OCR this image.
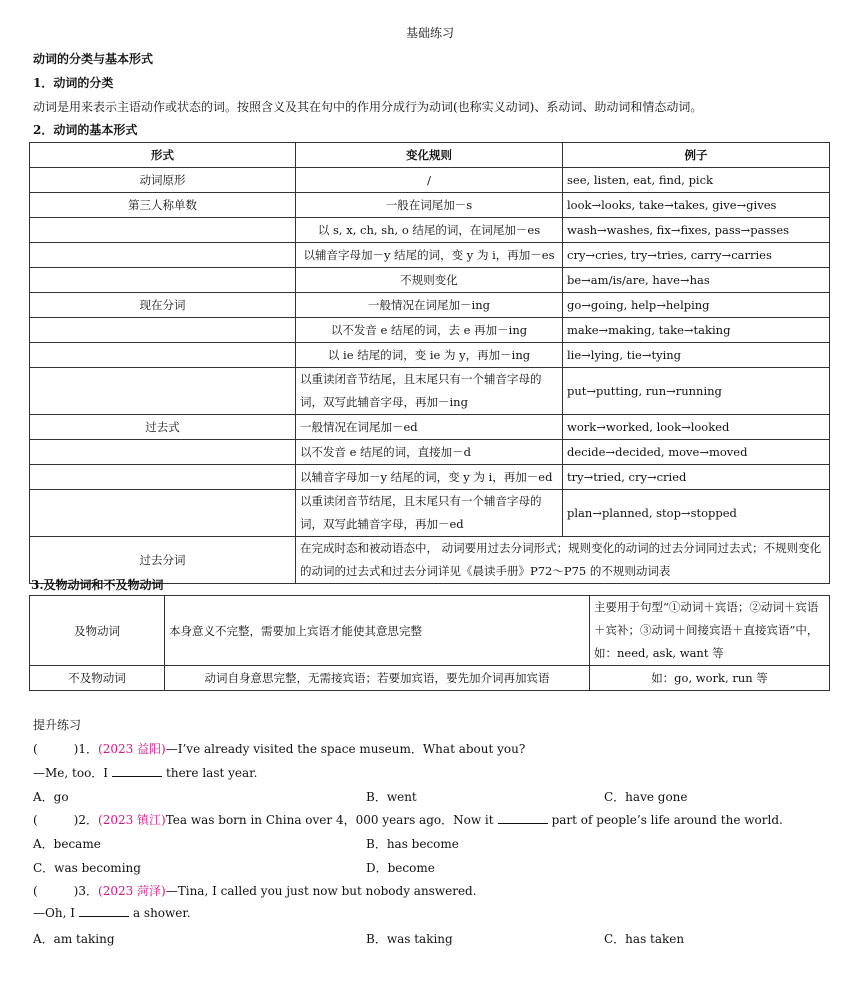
基础练习
动词的分类与基本形式
1．动词的分类
动词是用来表示主语动作或状态的词。按照含义及其在句中的作用分成行为动词(也称实义动词)、系动词、助动词和情态动词。
2．动词的基本形式
形式	变化规则	例子
动词原形	/	see, listen, eat, find, pick
第三人称单数	一般在词尾加－s	look→looks, take→takes, give→gives
	以 s, x, ch, sh, o 结尾的词，在词尾加－es	wash→washes, fix→fixes, pass→passes
	以辅音字母加－y 结尾的词，变 y 为 i，再加－es	cry→cries, try→tries, carry→carries
	不规则变化	be→am/is/are, have→has
现在分词	一般情况在词尾加－ing	go→going, help→helping
	以不发音 e 结尾的词，去 e 再加－ing	make→making, take→taking
	以 ie 结尾的词，变 ie 为 y，再加－ing	lie→lying, tie→tying
	以重读闭音节结尾，且末尾只有一个辅音字母的词，双写此辅音字母，再加－ing	put→putting, run→running
过去式	一般情况在词尾加－ed	work→worked, look→looked
	以不发音 e 结尾的词，直接加－d	decide→decided, move→moved
	以辅音字母加－y 结尾的词，变 y 为 i，再加－ed	try→tried, cry→cried
	以重读闭音节结尾，且末尾只有一个辅音字母的词，双写此辅音字母，再加－ed	plan→planned, stop→stopped
过去分词	在完成时态和被动语态中， 动词要用过去分词形式；规则变化的动词的过去分词同过去式；不规则变化的动词的过去式和过去分词详见《晨读手册》P72～P75 的不规则动词表	
3.及物动词和不及物动词
及物动词	本身意义不完整，需要加上宾语才能使其意思完整	主要用于句型“①动词＋宾语；②动词＋宾语＋宾补；③动词＋间接宾语＋直接宾语”中，如：need, ask, want 等
不及物动词	动词自身意思完整，无需接宾语；若要加宾语，要先加介词再加宾语	如：go, work, run 等
提升练习
(　　　)1．(2023 益阳)—I’ve already visited the space museum．What about you?
—Me, too．I	there last year.
A．go	B．went	C．have gone
(　　　)2．(2023 镇江)Tea was born in China over 4，000 years ago．Now it	part of people’s life around the world.
A．became	B．has become
C．was becoming	D．become
(　　　)3．(2023 菏泽)—Tina, I called you just now but nobody answered.
—Oh, I	a shower.
A．am taking	B．was taking	C．has taken
